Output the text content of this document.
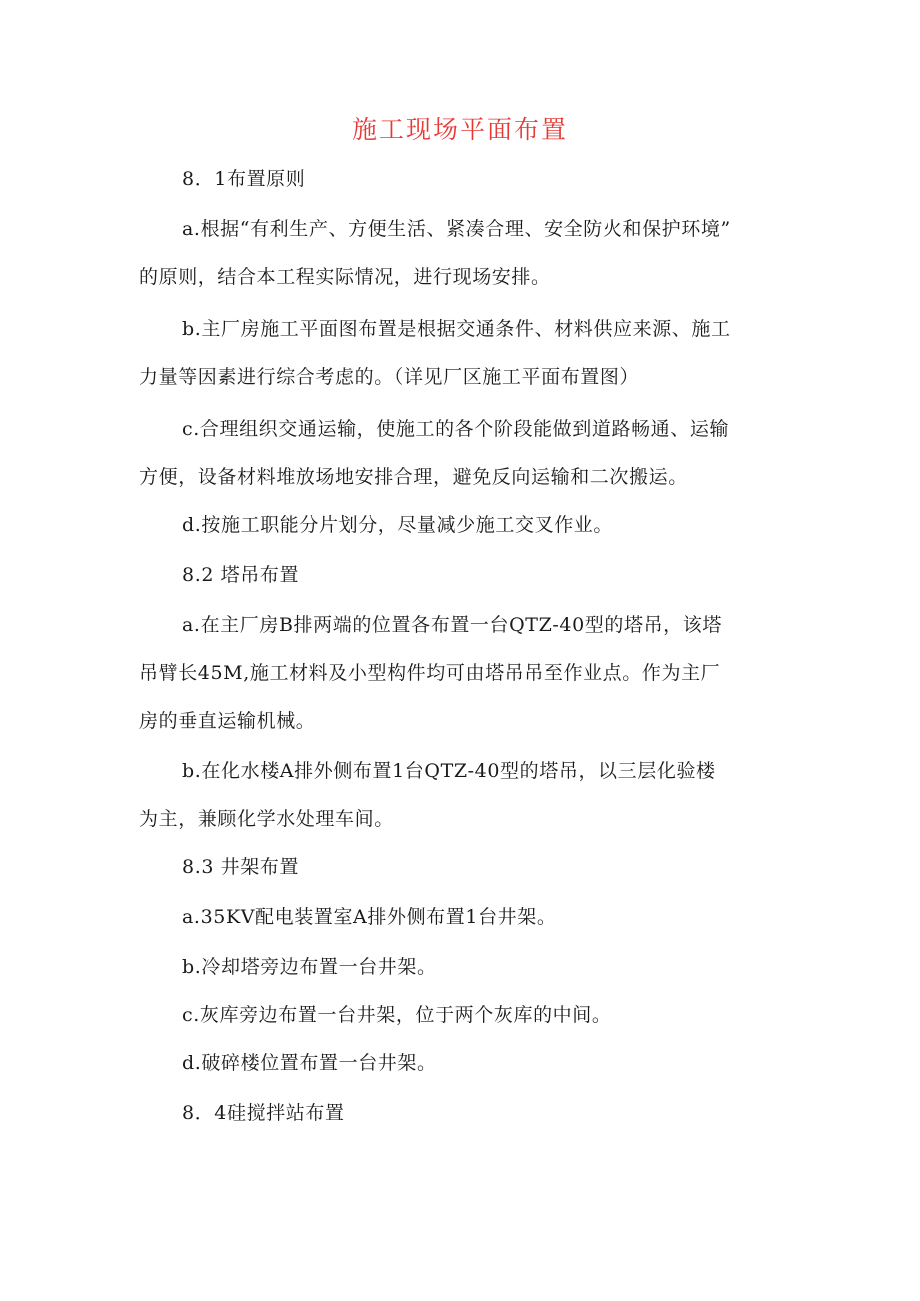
施工现场平面布置
8．1布置原则
a.根据“有利生产、方便生活、紧凑合理、安全防火和保护环境”
的原则，结合本工程实际情况，进行现场安排。
b.主厂房施工平面图布置是根据交通条件、材料供应来源、施工
力量等因素进行综合考虑的。（详见厂区施工平面布置图）
c.合理组织交通运输，使施工的各个阶段能做到道路畅通、运输
方便，设备材料堆放场地安排合理，避免反向运输和二次搬运。
d.按施工职能分片划分，尽量减少施工交叉作业。
8.2 塔吊布置
a.在主厂房B排两端的位置各布置一台QTZ-40型的塔吊，该塔
吊臂长45M,施工材料及小型构件均可由塔吊吊至作业点。作为主厂
房的垂直运输机械。
b.在化水楼A排外侧布置1台QTZ-40型的塔吊，以三层化验楼
为主，兼顾化学水处理车间。
8.3 井架布置
a.35KV配电装置室A排外侧布置1台井架。
b.冷却塔旁边布置一台井架。
c.灰库旁边布置一台井架，位于两个灰库的中间。
d.破碎楼位置布置一台井架。
8．4硅搅拌站布置
